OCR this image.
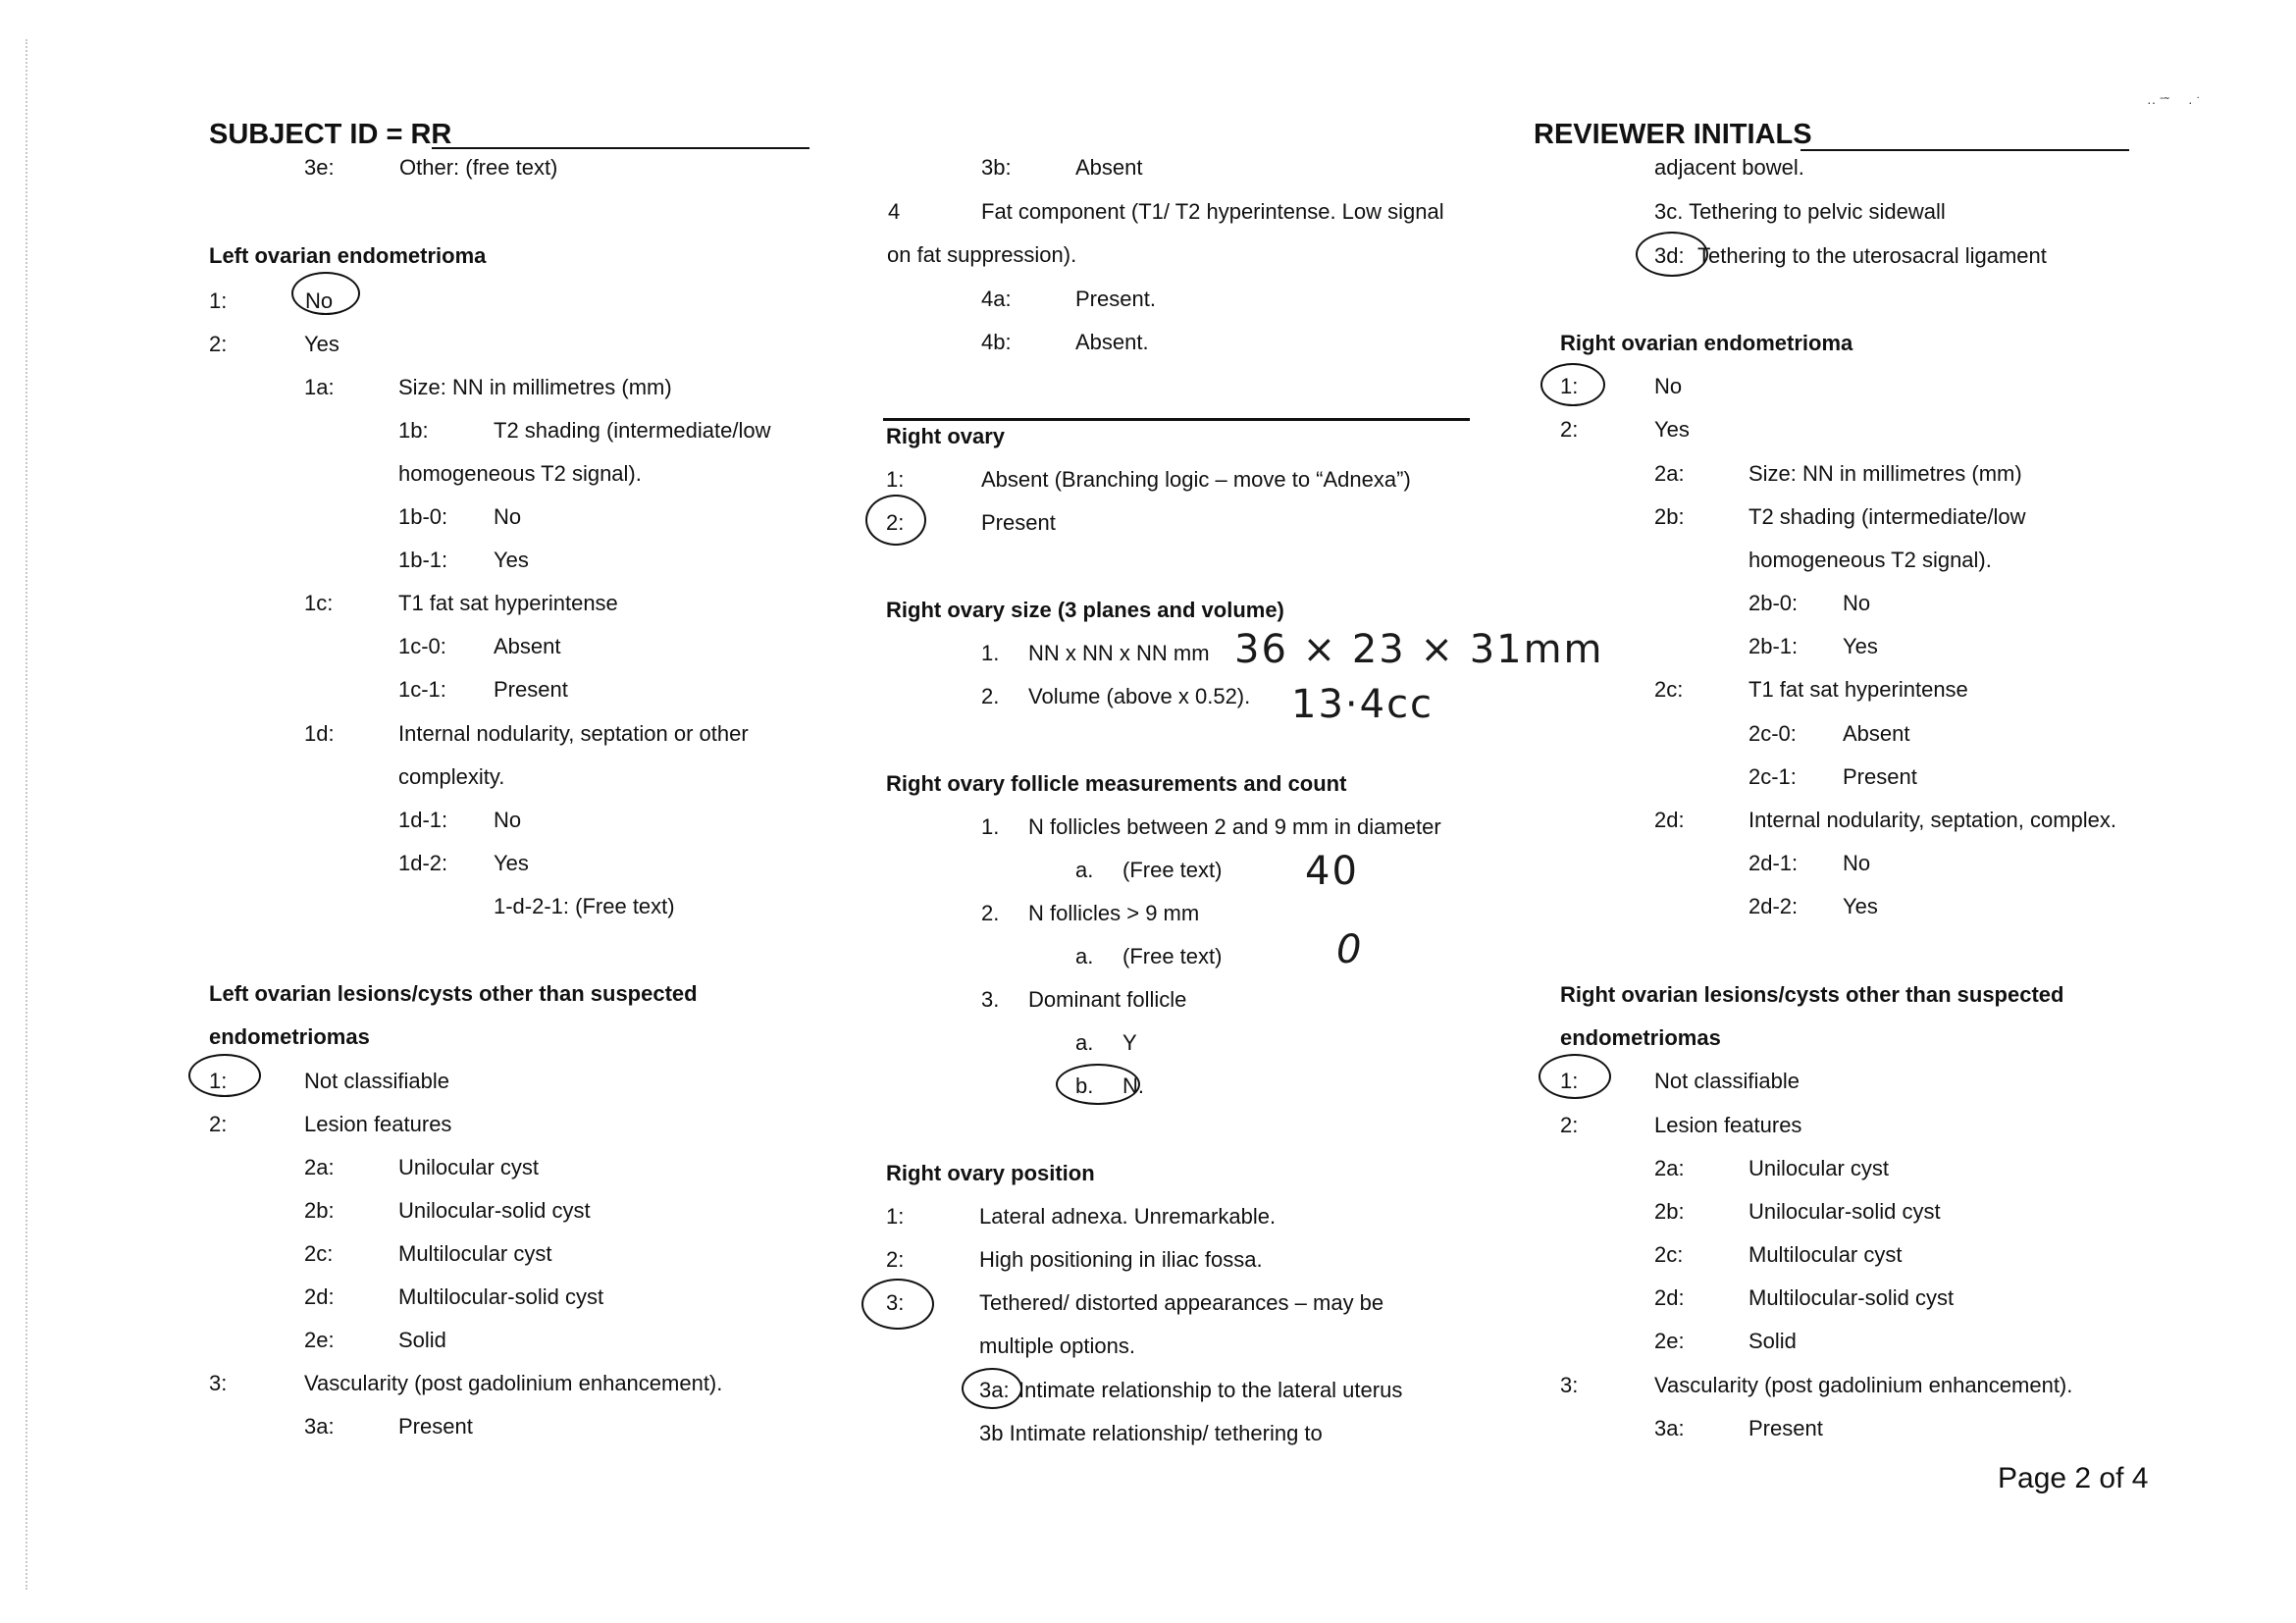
·· ˉ˜     · ˙
SUBJECT ID = RR	REVIEWER INITIALS
3e:	Other: (free text)
Left ovarian endometrioma
1:	No
2:	Yes
1a:	Size: NN in millimetres (mm)
1b:	T2 shading (intermediate/low
homogeneous T2 signal).
1b-0: No
1b-1: Yes
1c:	T1 fat sat hyperintense
1c-0: Absent
1c-1: Present
1d:	Internal nodularity, septation or other
complexity.
1d-1: No
1d-2: Yes
1-d-2-1: (Free text)
Left ovarian lesions/cysts other than suspected
endometriomas
1:	Not classifiable
2:	Lesion features
2a:	Unilocular cyst
2b:	Unilocular-solid cyst
2c:	Multilocular cyst
2d:	Multilocular-solid cyst
2e:	Solid
3:	Vascularity (post gadolinium enhancement).
3a:	Present
3b:	Absent
4	Fat component (T1/ T2 hyperintense. Low signal
on fat suppression).
4a:	Present.
4b:	Absent.
Right ovary
1:	Absent (Branching logic – move to “Adnexa”)
2:	Present
Right ovary size (3 planes and volume)
1. NN x NN x NN mm 36 × 23 × 31mm
2. Volume (above x 0.52). 13·4cc
Right ovary follicle measurements and count
1. N follicles between 2 and 9 mm in diameter
a. (Free text) 40
2. N follicles > 9 mm
a. (Free text)	0
3. Dominant follicle
a. Y
b. N.
Right ovary position
1:	Lateral adnexa. Unremarkable.
2:	High positioning in iliac fossa.
3:	Tethered/ distorted appearances – may be
multiple options.
3a: Intimate relationship to the lateral uterus
3b Intimate relationship/ tethering to
adjacent bowel.
3c. Tethering to pelvic sidewall
3d: Tethering to the uterosacral ligament
Right ovarian endometrioma
1:	No
2:	Yes
2a:	Size: NN in millimetres (mm)
2b:	T2 shading (intermediate/low
homogeneous T2 signal).
2b-0: No
2b-1: Yes
2c:	T1 fat sat hyperintense
2c-0: Absent
2c-1: Present
2d:	Internal nodularity, septation, complex.
2d-1: No
2d-2: Yes
Right ovarian lesions/cysts other than suspected
endometriomas
1:	Not classifiable
2:	Lesion features
2a:	Unilocular cyst
2b:	Unilocular-solid cyst
2c:	Multilocular cyst
2d:	Multilocular-solid cyst
2e:	Solid
3:	Vascularity (post gadolinium enhancement).
3a:	Present
Page 2 of 4
